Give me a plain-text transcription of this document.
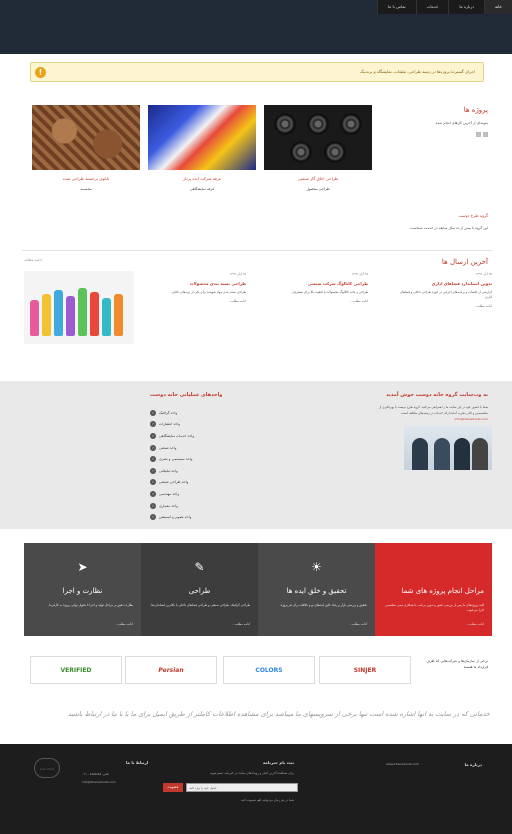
خانه
درباره ما
خدمات
تماس با ما
!	اجرای گستردهٔ پروژه‌ها در زمینه طراحی، تبلیغات، نمایشگاه و برندینگ
پروژه ها
نمونه‌ای از آخرین کارهای انجام شده
›	‹
طراحی اجاق گاز صنعتی
طراحی محصول
غرفه شرکت ایده پرداز
غرفه نمایشگاهی
تابلوی برجسته طراحی شده
مجسمه
گروه طرح دوست
این گروه با بیش از ده سال سابقه در خدمت شماست.
آخرین ارسال ها
ادامه مطلب
۲۵ آبان ۱۳۹۲
تدوین استاندارد فضاهای اداری
گزارشی از جلسات و برنامه‌های اجرایی در حوزه طراحی داخلی و فضاهای اداری.
ادامه مطلب...
۲۵ آبان ۱۳۹۲
طراحی کاتالوگ شرکت صنعتی
طراحی و چاپ کاتالوگ محصولات با کیفیت بالا برای مشتریان.
ادامه مطلب...
۲۵ آبان ۱۳۹۲
طراحی بسته بندی محصولات
طراحی بسته بندی مواد شوینده برای یکی از برندهای داخلی.
ادامه مطلب...
به وب‌سایت گروه خانه دوست خوش آمدید
شما با حضور خود در این سایت ما را همراهی می‌کنید. گروه طرح دوست با بهره‌گیری از متخصصین و کادر مجرب آماده ارائه خدمات در زمینه‌های مختلف است.
info@khanedoost.com
واحدهای عملیاتی خانه دوست
‹	واحد گرافیک
‹	واحد انتشارات
‹	واحد خدمات نمایشگاهی
‹	واحد صنعتی
‹	واحد سیستمی و بصری
‹	واحد تبلیغاتی
‹	واحد طراحی صنعتی
‹	واحد مهندسی
‹	واحد معماری
‹	واحد تصویر و انیمیشن
مراحل انجام پروژه های شما
کلیه پروژه‌های ما پس از بررسی دقیق و تدوین برنامه، با همکاری تیمی متخصص اجرا می‌شوند.
ادامه مطلب...
☀
تحقیق و خلق ایده ها
تحقیق و بررسی بازار و رقبا، خلق ایده‌های نو و خلاقانه برای هر پروژه.
ادامه مطلب...
✎
طراحی
طراحی گرافیک، طراحی صنعتی و طراحی فضاهای داخلی با بالاترین استانداردها.
ادامه مطلب...
➤
نظارت و اجرا
نظارت دقیق بر مراحل تولید و اجرا تا تحویل نهایی پروژه به کارفرما.
ادامه مطلب...
برخی از سازمان‌ها و شرکت‌هایی که طرف قرارداد ما هستند
SINJER
COLORS
Persian
VERIFIED
خدماتی که در سایت به انها اشاره شده است تنها برخی از سرویسهای ما میباشد برای مشاهده اطلاعات کاملتر از طریق ایمیل برای ما یا با ما در ارتباط باشید
درباره ما
www.khanedoost.com
ثبت نام خبرنامه
برای مشاهده آخرین اخبار و رویدادهای سایت در خبرنامه عضو شوید
ایمیل خود را وارد کنید
عضویت
شما در هر زمان می‌توانید لغو عضویت کنید
ارتباط با ما
تلفن: ۸۸۸۸۸۸۸ - ۰۲۱
info@khanedoost.com
Live Chat
